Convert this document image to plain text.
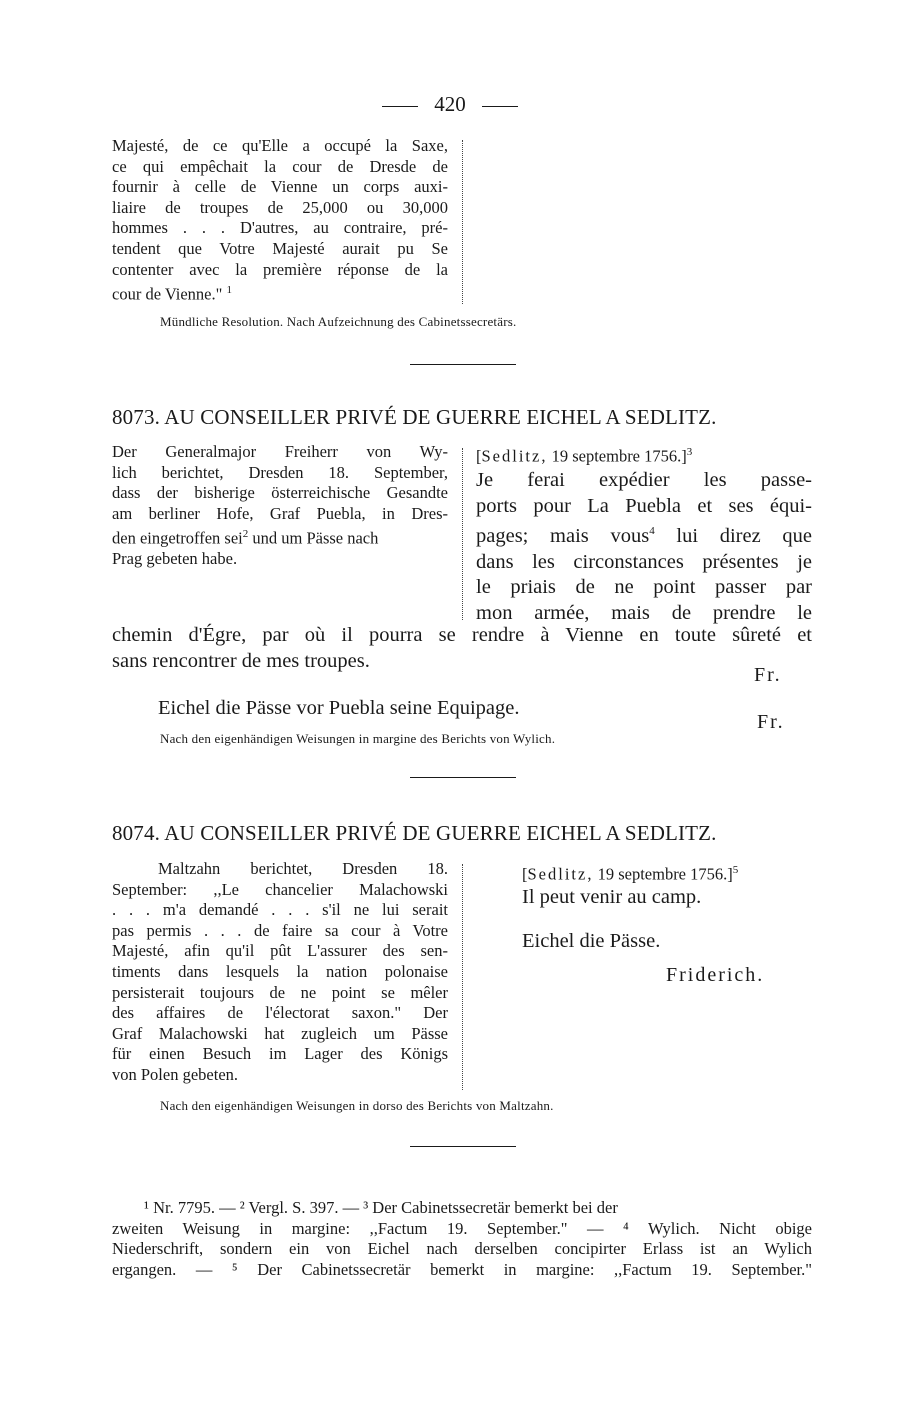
420
Majesté, de ce qu'Elle a occupé la Saxe,
ce qui empêchait la cour de Dresde de
fournir à celle de Vienne un corps auxi-
liaire de troupes de 25,000 ou 30,000
hommes . . . D'autres, au contraire, pré-
tendent que Votre Majesté aurait pu Se
contenter avec la première réponse de la
cour de Vienne." $^1$
Mündliche Resolution. Nach Aufzeichnung des Cabinetssecretärs.
8073. AU CONSEILLER PRIVÉ DE GUERRE EICHEL A SEDLITZ.
Der Generalmajor Freiherr von Wy-
lich berichtet, Dresden 18. September,
dass der bisherige österreichische Gesandte
am berliner Hofe, Graf Puebla, in Dres-
den eingetroffen sei$^2$ und um Pässe nach
Prag gebeten habe.
[Sedlitz, 19 septembre 1756.]$^3$
Je ferai expédier les passe-
ports pour La Puebla et ses équi-
pages; mais vous$^4$ lui direz que
dans les circonstances présentes je
le priais de ne point passer par
mon armée, mais de prendre le
chemin d'Égre, par où il pourra se rendre à Vienne en toute sûreté et
sans rencontrer de mes troupes.
Fr.
Eichel die Pässe vor Puebla seine Equipage.
Fr.
Nach den eigenhändigen Weisungen in margine des Berichts von Wylich.
8074. AU CONSEILLER PRIVÉ DE GUERRE EICHEL A SEDLITZ.
Maltzahn berichtet, Dresden 18.
September: ,,Le chancelier Malachowski
. . . m'a demandé . . . s'il ne lui serait
pas permis . . . de faire sa cour à Votre
Majesté, afin qu'il pût L'assurer des sen-
timents dans lesquels la nation polonaise
persisterait toujours de ne point se mêler
des affaires de l'électorat saxon." Der
Graf Malachowski hat zugleich um Pässe
für einen Besuch im Lager des Königs
von Polen gebeten.
[Sedlitz, 19 septembre 1756.]$^5$
Il peut venir au camp.
Eichel die Pässe.
Friderich.
Nach den eigenhändigen Weisungen in dorso des Berichts von Maltzahn.
¹ Nr. 7795. — ² Vergl. S. 397. — ³ Der Cabinetssecretär bemerkt bei der
zweiten Weisung in margine: ,,Factum 19. September." — ⁴ Wylich. Nicht obige
Niederschrift, sondern ein von Eichel nach derselben concipirter Erlass ist an Wylich
ergangen. — ⁵ Der Cabinetssecretär bemerkt in margine: ,,Factum 19. September."
